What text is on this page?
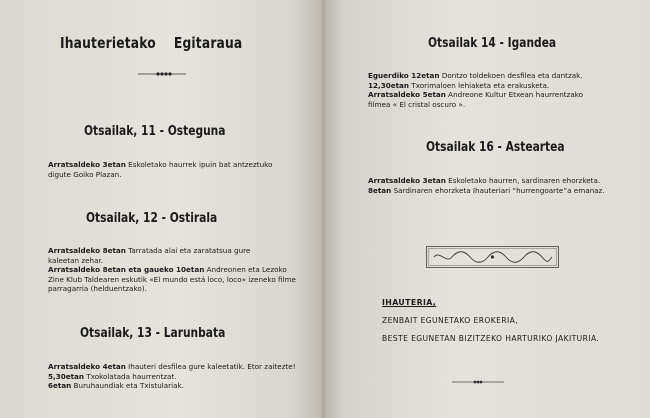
Ihauterietako Egitaraua
Otsailak, 11 - Osteguna
Arratsaldeko 3etan Eskoletako haurrek ipuin bat antzeztuko
digute Goiko Plazan.
Otsailak, 12 - Ostirala
Arratsaldeko 8etan Tarratada alai eta zaratatsua gure
kaleetan zehar.
Arratsaldeko 8etan eta gaueko 10etan Andreonen eta Lezoko
Zine Klub Taldearen eskutik «El mundo está loco, loco» izeneko filme
parragarria (helduentzako).
Otsailak, 13 - Larunbata
Arratsaldeko 4etan Ihauteri desfilea gure kaleetatik. Etor zaitezte!
5,30etan Txokolatada haurrentzat.
6etan Buruhaundiak eta Txistulariak.
Otsailak 14 - Igandea
Eguerdiko 12etan Dontzo toldekoen desfilea eta dantzak.
12,30etan Txorimaloen lehiaketa eta erakusketa.
Arratsaldeko 5etan Andreone Kultur Etxean haurrentzako
filmea « El cristal oscuro ».
Otsailak 16 - Asteartea
Arratsaldeko 3etan Eskoletako haurren, sardinaren ehorzketa.
8etan Sardinaren ehorzketa Ihauteriari “hurrengoarte”a emanaz.
IHAUTERIA,
ZENBAIT EGUNETAKO EROKERIA,
BESTE EGUNETAN BIZITZEKO HARTURIKO JAKITURIA.
